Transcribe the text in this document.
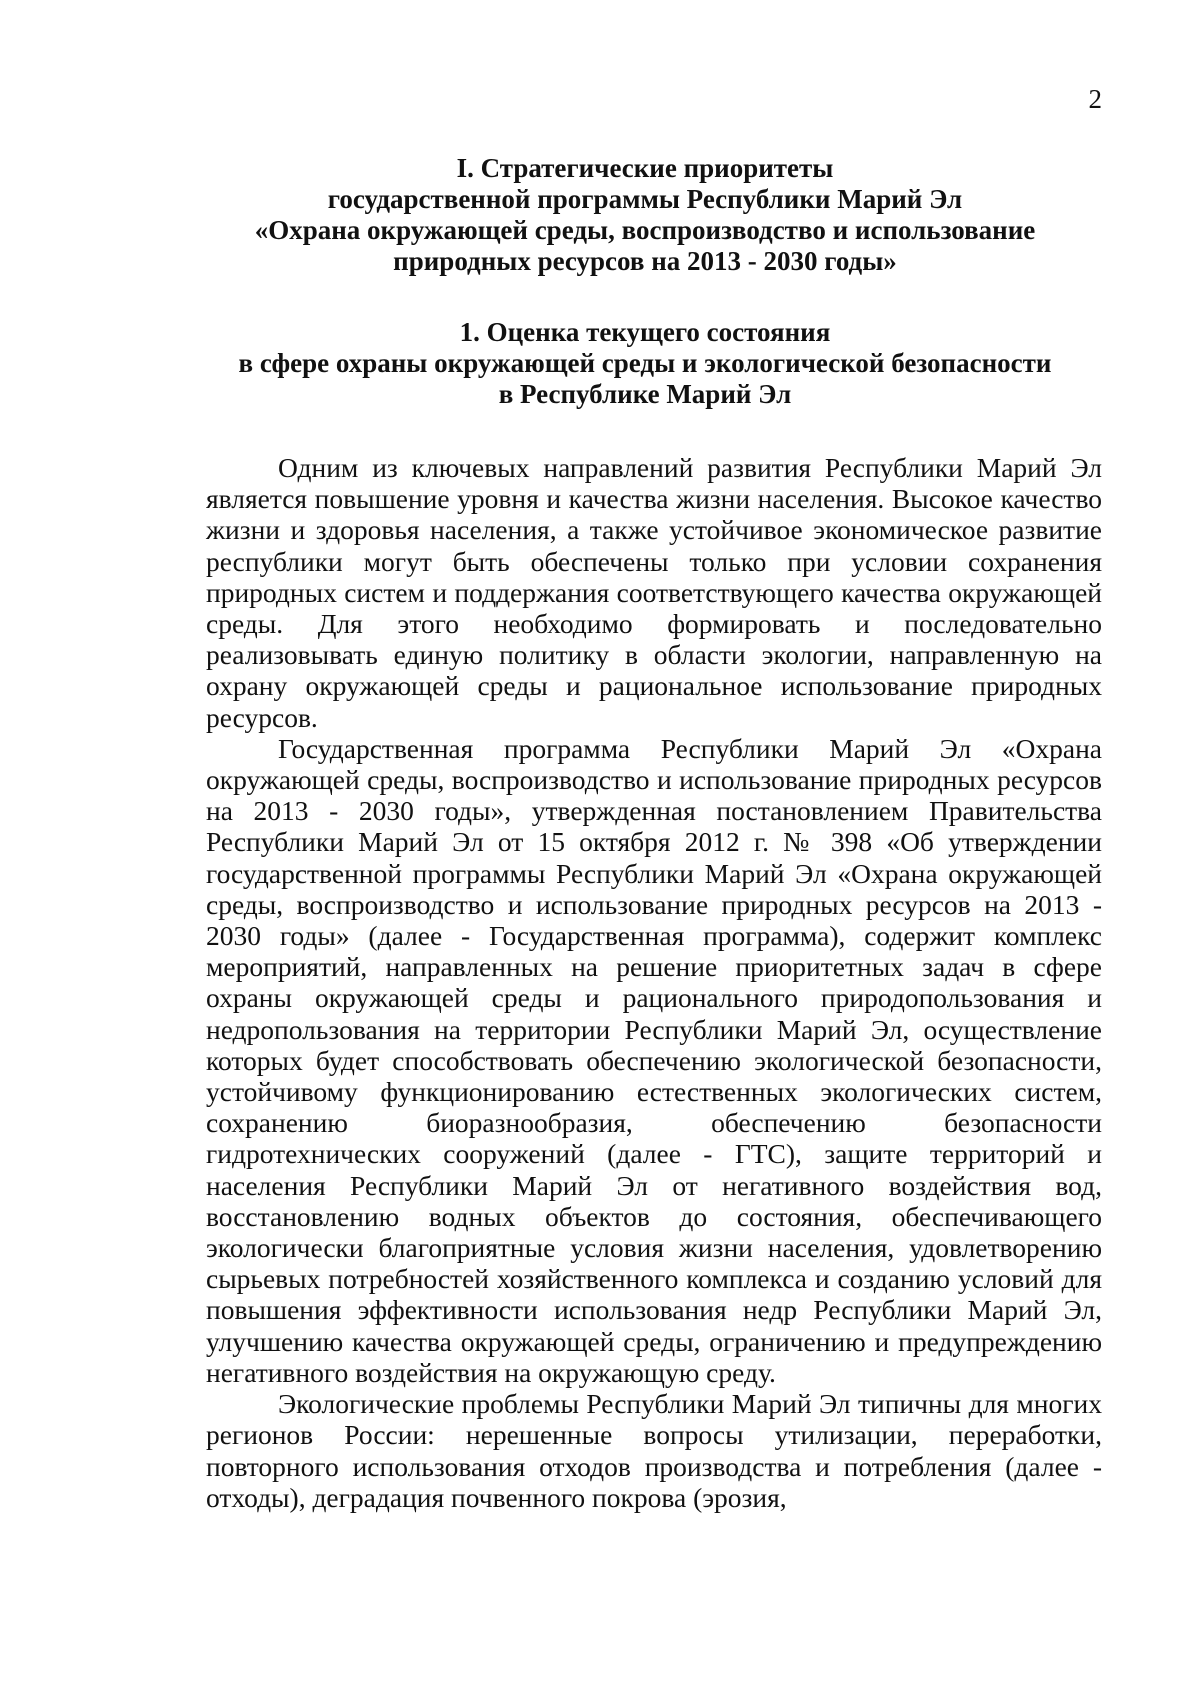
2
I. Стратегические приоритеты
государственной программы Республики Марий Эл
«Охрана окружающей среды, воспроизводство и использование
природных ресурсов на 2013 - 2030 годы»
1. Оценка текущего состояния
в сфере охраны окружающей среды и экологической безопасности
в Республике Марий Эл

Одним из ключевых направлений развития Республики Марий Эл является повышение уровня и качества жизни населения. Высокое качество жизни и здоровья населения, а также устойчивое экономическое развитие республики могут быть обеспечены только при условии сохранения природных систем и поддержания соответствующего качества окружающей среды. Для этого необходимо формировать и последовательно реализовывать единую политику в области экологии, направленную на охрану окружающей среды и рациональное использование природных ресурсов.

Государственная программа Республики Марий Эл «Охрана окружающей среды, воспроизводство и использование природных ресурсов на 2013 - 2030 годы», утвержденная постановлением Правительства Республики Марий Эл от 15 октября 2012 г. № 398 «Об утверждении государственной программы Республики Марий Эл «Охрана окружающей среды, воспроизводство и использование природных ресурсов на 2013 - 2030 годы» (далее - Государственная программа), содержит комплекс мероприятий, направленных на решение приоритетных задач в сфере охраны окружающей среды и рационального природопользования и недропользования на территории Республики Марий Эл, осуществление которых будет способствовать обеспечению экологической безопасности, устойчивому функционированию естественных экологических систем, сохранению биоразнообразия, обеспечению безопасности гидротехнических сооружений (далее - ГТС), защите территорий и населения Республики Марий Эл от негативного воздействия вод, восстановлению водных объектов до состояния, обеспечивающего экологически благоприятные условия жизни населения, удовлетворению сырьевых потребностей хозяйственного комплекса и созданию условий для повышения эффективности использования недр Республики Марий Эл, улучшению качества окружающей среды, ограничению и предупреждению негативного воздействия на окружающую среду.

Экологические проблемы Республики Марий Эл типичны для многих регионов России: нерешенные вопросы утилизации, переработки, повторного использования отходов производства и потребления (далее - отходы), деградация почвенного покрова (эрозия,
